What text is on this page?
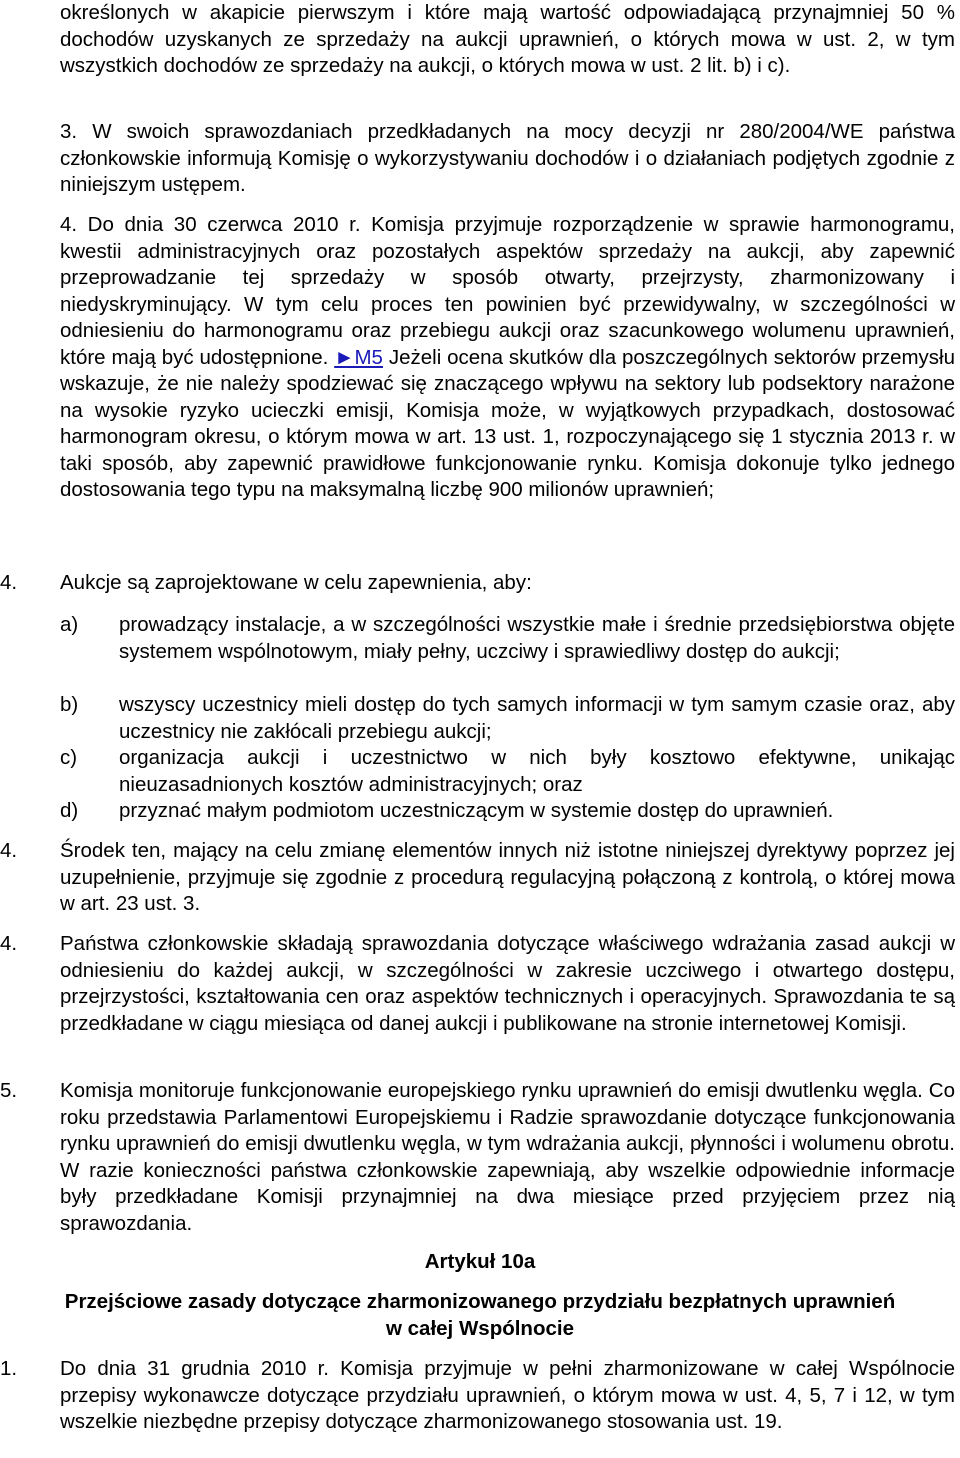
określonych w akapicie pierwszym i które mają wartość odpowiadającą przynajmniej 50 % dochodów uzyskanych ze sprzedaży na aukcji uprawnień, o których mowa w ust. 2, w tym wszystkich dochodów ze sprzedaży na aukcji, o których mowa w ust. 2 lit. b) i c).
3. W swoich sprawozdaniach przedkładanych na mocy decyzji nr 280/2004/WE państwa członkowskie informują Komisję o wykorzystywaniu dochodów i o działaniach podjętych zgodnie z niniejszym ustępem.
4. Do dnia 30 czerwca 2010 r. Komisja przyjmuje rozporządzenie w sprawie harmonogramu, kwestii administracyjnych oraz pozostałych aspektów sprzedaży na aukcji, aby zapewnić przeprowadzanie tej sprzedaży w sposób otwarty, przejrzysty, zharmonizowany i niedyskryminujący. W tym celu proces ten powinien być przewidywalny, w szczególności w odniesieniu do harmonogramu oraz przebiegu aukcji oraz szacunkowego wolumenu uprawnień, które mają być udostępnione. ►M5 Jeżeli ocena skutków dla poszczególnych sektorów przemysłu wskazuje, że nie należy spodziewać się znaczącego wpływu na sektory lub podsektory narażone na wysokie ryzyko ucieczki emisji, Komisja może, w wyjątkowych przypadkach, dostosować harmonogram okresu, o którym mowa w art. 13 ust. 1, rozpoczynającego się 1 stycznia 2013 r. w taki sposób, aby zapewnić prawidłowe funkcjonowanie rynku. Komisja dokonuje tylko jednego dostosowania tego typu na maksymalną liczbę 900 milionów uprawnień;
4. Aukcje są zaprojektowane w celu zapewnienia, aby:
a) prowadzący instalacje, a w szczególności wszystkie małe i średnie przedsiębiorstwa objęte systemem wspólnotowym, miały pełny, uczciwy i sprawiedliwy dostęp do aukcji;
b) wszyscy uczestnicy mieli dostęp do tych samych informacji w tym samym czasie oraz, aby uczestnicy nie zakłócali przebiegu aukcji;
c) organizacja aukcji i uczestnictwo w nich były kosztowo efektywne, unikając nieuzasadnionych kosztów administracyjnych; oraz
d) przyznać małym podmiotom uczestniczącym w systemie dostęp do uprawnień.
4. Środek ten, mający na celu zmianę elementów innych niż istotne niniejszej dyrektywy poprzez jej uzupełnienie, przyjmuje się zgodnie z procedurą regulacyjną połączoną z kontrolą, o której mowa w art. 23 ust. 3.
4. Państwa członkowskie składają sprawozdania dotyczące właściwego wdrażania zasad aukcji w odniesieniu do każdej aukcji, w szczególności w zakresie uczciwego i otwartego dostępu, przejrzystości, kształtowania cen oraz aspektów technicznych i operacyjnych. Sprawozdania te są przedkładane w ciągu miesiąca od danej aukcji i publikowane na stronie internetowej Komisji.
5. Komisja monitoruje funkcjonowanie europejskiego rynku uprawnień do emisji dwutlenku węgla. Co roku przedstawia Parlamentowi Europejskiemu i Radzie sprawozdanie dotyczące funkcjonowania rynku uprawnień do emisji dwutlenku węgla, w tym wdrażania aukcji, płynności i wolumenu obrotu. W razie konieczności państwa członkowskie zapewniają, aby wszelkie odpowiednie informacje były przedkładane Komisji przynajmniej na dwa miesiące przed przyjęciem przez nią sprawozdania.
Artykuł 10a
Przejściowe zasady dotyczące zharmonizowanego przydziału bezpłatnych uprawnień
w całej Wspólnocie
1. Do dnia 31 grudnia 2010 r. Komisja przyjmuje w pełni zharmonizowane w całej Wspólnocie przepisy wykonawcze dotyczące przydziału uprawnień, o którym mowa w ust. 4, 5, 7 i 12, w tym wszelkie niezbędne przepisy dotyczące zharmonizowanego stosowania ust. 19.
